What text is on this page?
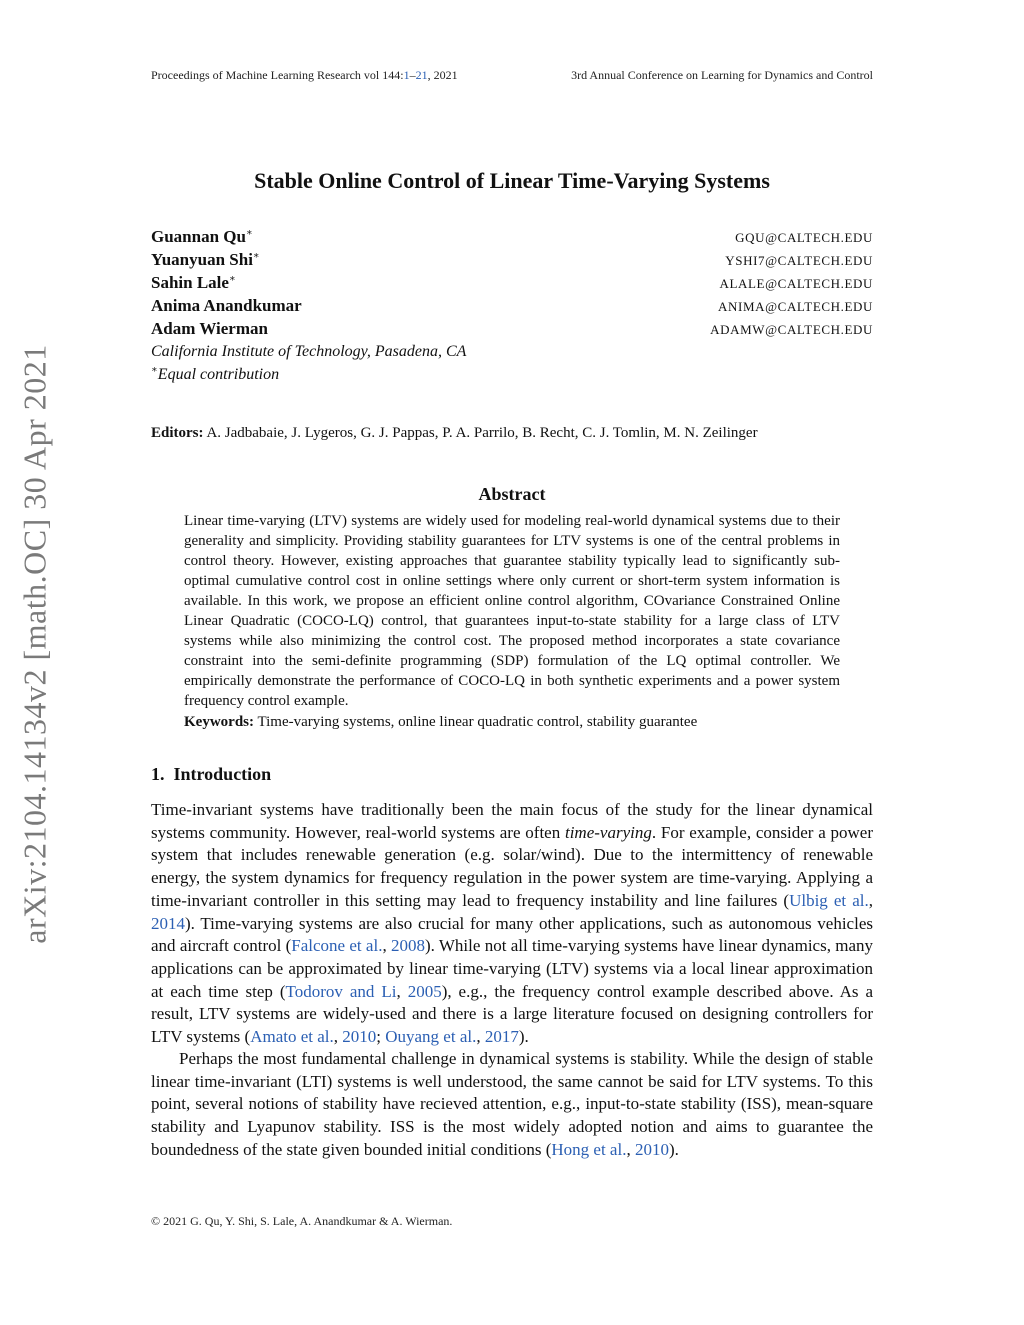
Proceedings of Machine Learning Research vol 144:1–21, 2021	3rd Annual Conference on Learning for Dynamics and Control
arXiv:2104.14134v2 [math.OC] 30 Apr 2021
Stable Online Control of Linear Time-Varying Systems
Guannan Qu∗	GQU@CALTECH.EDU
Yuanyuan Shi∗	YSHI7@CALTECH.EDU
Sahin Lale∗	ALALE@CALTECH.EDU
Anima Anandkumar	ANIMA@CALTECH.EDU
Adam Wierman	ADAMW@CALTECH.EDU
California Institute of Technology, Pasadena, CA
∗Equal contribution
Editors: A. Jadbabaie, J. Lygeros, G. J. Pappas, P. A. Parrilo, B. Recht, C. J. Tomlin, M. N. Zeilinger
Abstract
Linear time-varying (LTV) systems are widely used for modeling real-world dynamical systems due to their generality and simplicity. Providing stability guarantees for LTV systems is one of the central problems in control theory. However, existing approaches that guarantee stability typically lead to significantly sub-optimal cumulative control cost in online settings where only current or short-term system information is available. In this work, we propose an efficient online control algorithm, COvariance Constrained Online Linear Quadratic (COCO-LQ) control, that guarantees input-to-state stability for a large class of LTV systems while also minimizing the control cost. The proposed method incorporates a state covariance constraint into the semi-definite programming (SDP) formulation of the LQ optimal controller. We empirically demonstrate the performance of COCO-LQ in both synthetic experiments and a power system frequency control example.
Keywords: Time-varying systems, online linear quadratic control, stability guarantee
1. Introduction
Time-invariant systems have traditionally been the main focus of the study for the linear dynamical systems community. However, real-world systems are often time-varying. For example, consider a power system that includes renewable generation (e.g. solar/wind). Due to the intermittency of renewable energy, the system dynamics for frequency regulation in the power system are time-varying. Applying a time-invariant controller in this setting may lead to frequency instability and line failures (Ulbig et al., 2014). Time-varying systems are also crucial for many other applications, such as autonomous vehicles and aircraft control (Falcone et al., 2008). While not all time-varying systems have linear dynamics, many applications can be approximated by linear time-varying (LTV) systems via a local linear approximation at each time step (Todorov and Li, 2005), e.g., the frequency control example described above. As a result, LTV systems are widely-used and there is a large literature focused on designing controllers for LTV systems (Amato et al., 2010; Ouyang et al., 2017).
Perhaps the most fundamental challenge in dynamical systems is stability. While the design of stable linear time-invariant (LTI) systems is well understood, the same cannot be said for LTV systems. To this point, several notions of stability have recieved attention, e.g., input-to-state stability (ISS), mean-square stability and Lyapunov stability. ISS is the most widely adopted notion and aims to guarantee the boundedness of the state given bounded initial conditions (Hong et al., 2010).
© 2021 G. Qu, Y. Shi, S. Lale, A. Anandkumar & A. Wierman.
